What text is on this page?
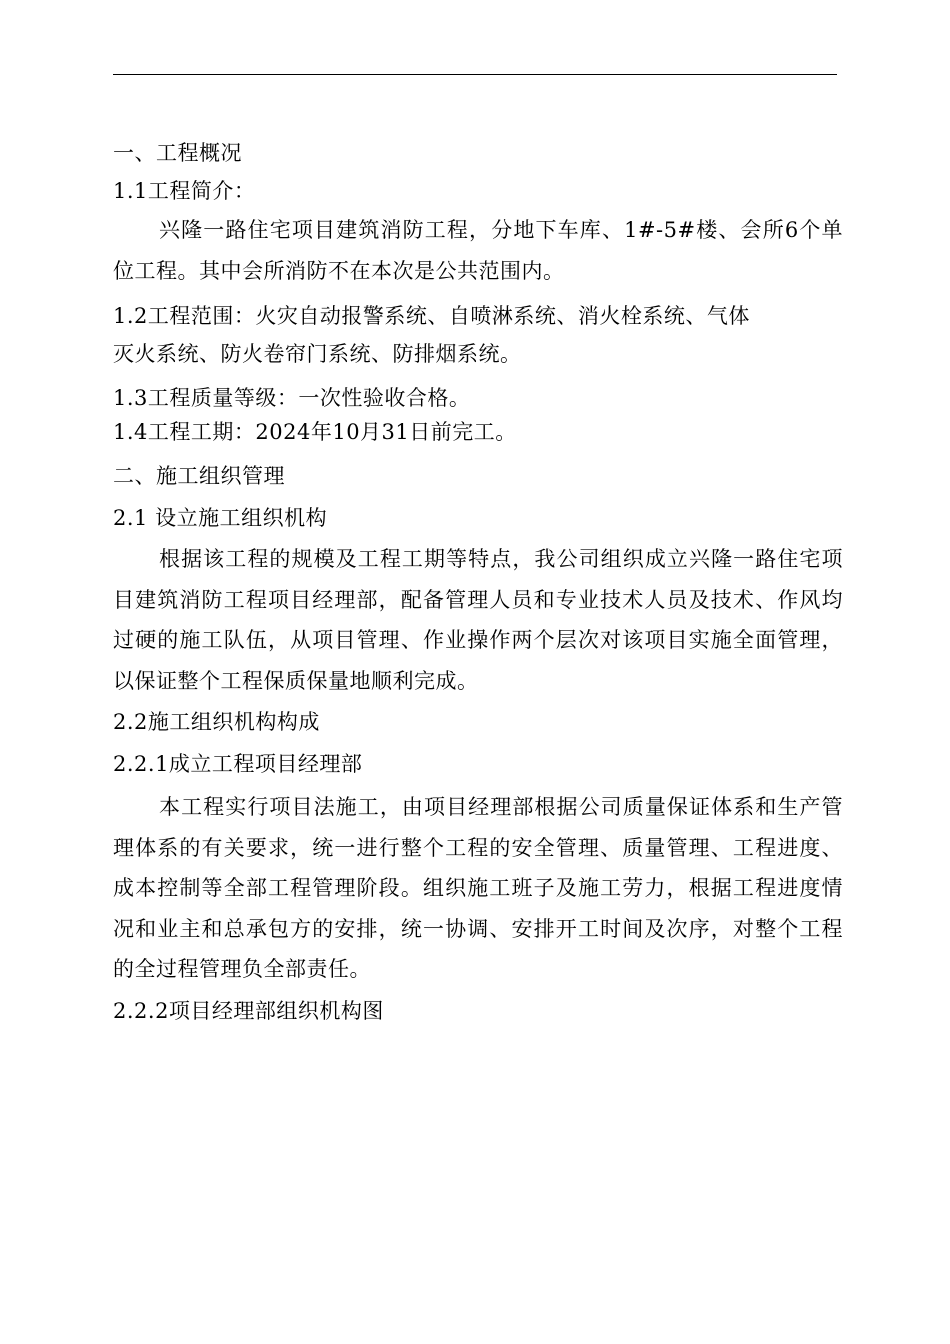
一、工程概况

1.1工程简介：

兴隆一路住宅项目建筑消防工程，分地下车库、1#-5#楼、会所6个单位工程。其中会所消防不在本次是公共范围内。

1.2工程范围：火灾自动报警系统、自喷淋系统、消火栓系统、气体

灭火系统、防火卷帘门系统、防排烟系统。

1.3工程质量等级：一次性验收合格。

1.4工程工期：2024年10月31日前完工。

二、施工组织管理

2.1 设立施工组织机构

根据该工程的规模及工程工期等特点，我公司组织成立兴隆一路住宅项目建筑消防工程项目经理部，配备管理人员和专业技术人员及技术、作风均过硬的施工队伍，从项目管理、作业操作两个层次对该项目实施全面管理，以保证整个工程保质保量地顺利完成。

2.2施工组织机构构成

2.2.1成立工程项目经理部

本工程实行项目法施工，由项目经理部根据公司质量保证体系和生产管理体系的有关要求，统一进行整个工程的安全管理、质量管理、工程进度、成本控制等全部工程管理阶段。组织施工班子及施工劳力，根据工程进度情况和业主和总承包方的安排，统一协调、安排开工时间及次序，对整个工程的全过程管理负全部责任。

2.2.2项目经理部组织机构图
